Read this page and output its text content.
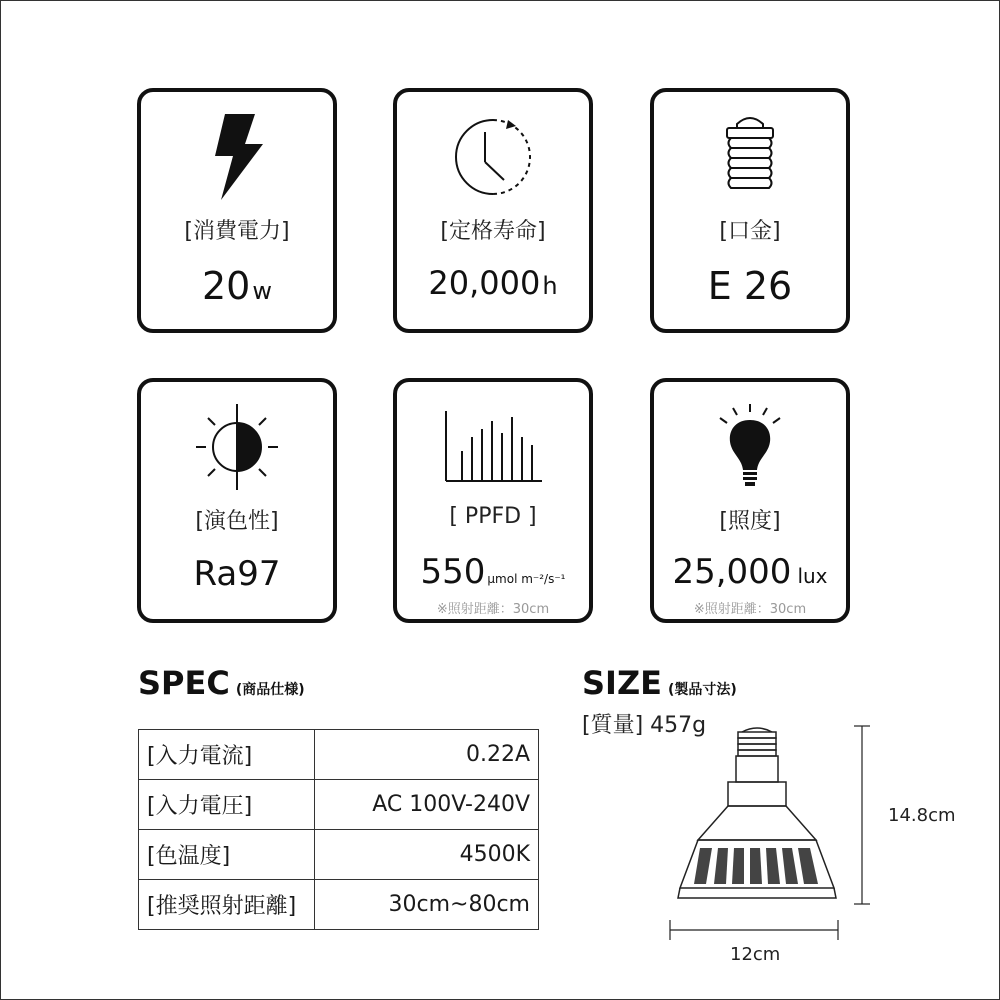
[消費電力]
20w
[定格寿命]
20,000h
[口金]
E 26
[演色性]
Ra97
[ PPFD ]
550 μmol m⁻²/s⁻¹
※照射距離：30cm
[照度]
25,000 lux
※照射距離：30cm
SPEC (商品仕様)
[入力電流]	0.22A
[入力電圧]	AC 100V-240V
[色温度]	4500K
[推奨照射距離]	30cm~80cm
SIZE (製品寸法)
[質量] 457g
14.8cm
12cm
